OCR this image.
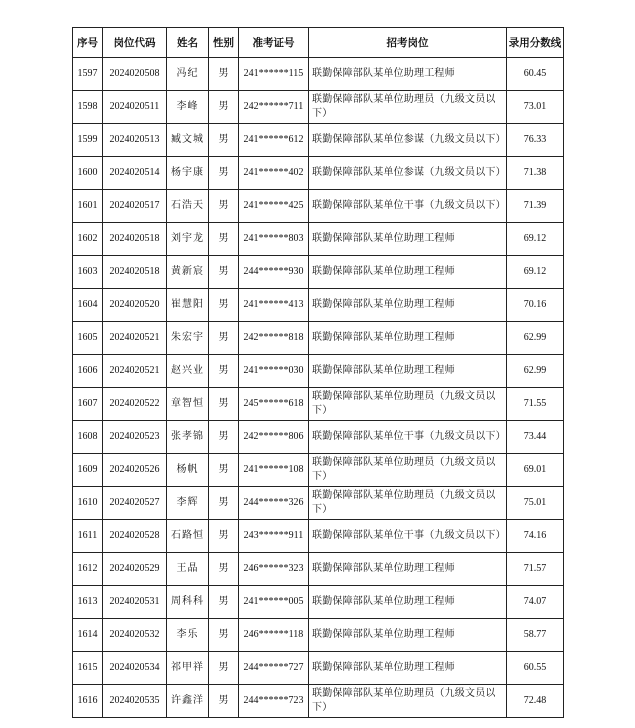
序号	岗位代码	姓名	性别	准考证号	招考岗位	录用分数线
1597	2024020508	冯纪	男	241******115	联勤保障部队某单位助理工程师	60.45
1598	2024020511	李峰	男	242******711	联勤保障部队某单位助理员（九级文员以下）	73.01
1599	2024020513	臧文城	男	241******612	联勤保障部队某单位参谋（九级文员以下）	76.33
1600	2024020514	杨宇康	男	241******402	联勤保障部队某单位参谋（九级文员以下）	71.38
1601	2024020517	石浩天	男	241******425	联勤保障部队某单位干事（九级文员以下）	71.39
1602	2024020518	刘宇龙	男	241******803	联勤保障部队某单位助理工程师	69.12
1603	2024020518	黄新宸	男	244******930	联勤保障部队某单位助理工程师	69.12
1604	2024020520	崔慧阳	男	241******413	联勤保障部队某单位助理工程师	70.16
1605	2024020521	朱宏宇	男	242******818	联勤保障部队某单位助理工程师	62.99
1606	2024020521	赵兴业	男	241******030	联勤保障部队某单位助理工程师	62.99
1607	2024020522	章智恒	男	245******618	联勤保障部队某单位助理员（九级文员以下）	71.55
1608	2024020523	张孝锦	男	242******806	联勤保障部队某单位干事（九级文员以下）	73.44
1609	2024020526	杨帆	男	241******108	联勤保障部队某单位助理员（九级文员以下）	69.01
1610	2024020527	李辉	男	244******326	联勤保障部队某单位助理员（九级文员以下）	75.01
1611	2024020528	石路恒	男	243******911	联勤保障部队某单位干事（九级文员以下）	74.16
1612	2024020529	王晶	男	246******323	联勤保障部队某单位助理工程师	71.57
1613	2024020531	周科科	男	241******005	联勤保障部队某单位助理工程师	74.07
1614	2024020532	李乐	男	246******118	联勤保障部队某单位助理工程师	58.77
1615	2024020534	祁甲祥	男	244******727	联勤保障部队某单位助理工程师	60.55
1616	2024020535	许鑫洋	男	244******723	联勤保障部队某单位助理员（九级文员以下）	72.48
